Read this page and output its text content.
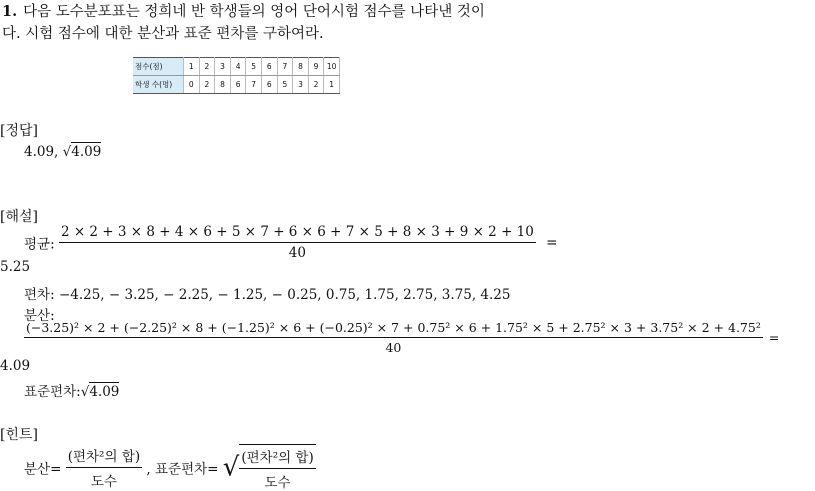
1. 다음 도수분포표는 정희네 반 학생들의 영어 단어시험 점수를 나타낸 것이
다. 시험 점수에 대한 분산과 표준 편차를 구하여라.
점수(점)	1	2	3	4	5	6	7	8	9	10
학생 수(명)	0	2	8	6	7	6	5	3	2	1
[정답]
4.09, √4.09
[해설]
평균:
2 × 2 + 3 × 8 + 4 × 6 + 5 × 7 + 6 × 6 + 7 × 5 + 8 × 3 + 9 × 2 + 10
40
=
5.25
편차: −4.25, − 3.25, − 2.25, − 1.25, − 0.25, 0.75, 1.75, 2.75, 3.75, 4.25
분산:
(−3.25)² × 2 + (−2.25)² × 8 + (−1.25)² × 6 + (−0.25)² × 7 + 0.75² × 6 + 1.75² × 5 + 2.75² × 3 + 3.75² × 2 + 4.75²
40
=
4.09
표준편차:√4.09
[힌트]
분산= $\frac{\text{(편차²의 합)}}{\text{도수}}$ , 표준편차= √ $\frac{\text{(편차²의 합)}}{\text{도수}}$
